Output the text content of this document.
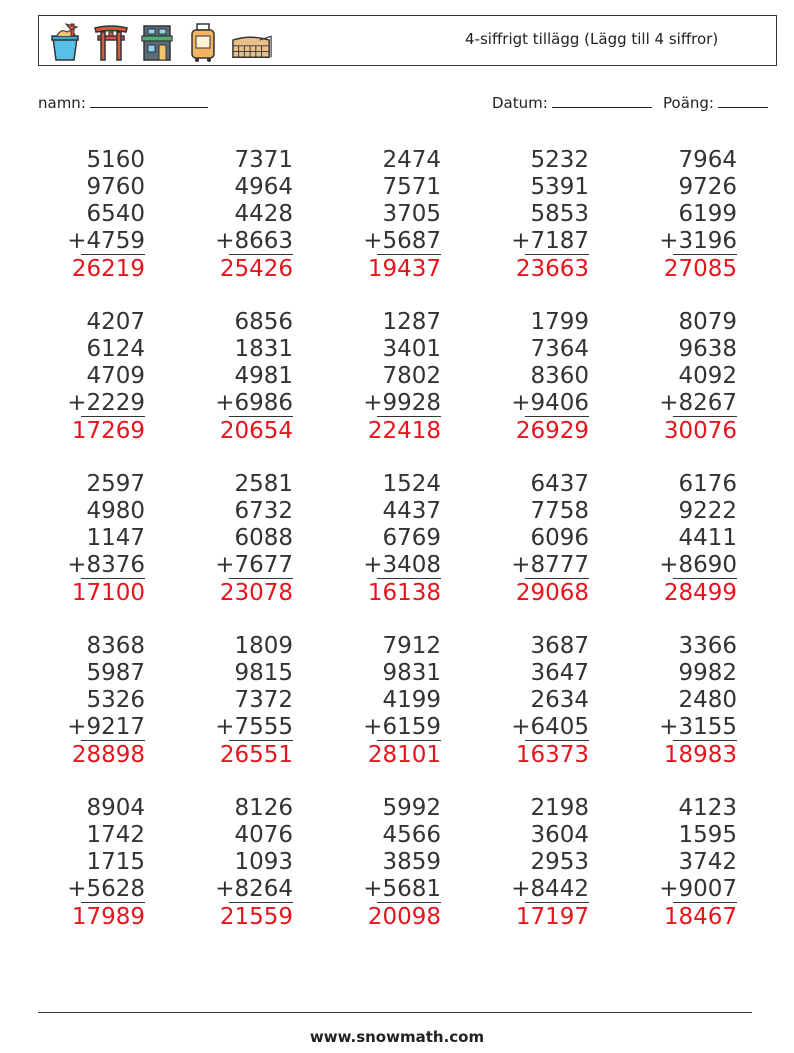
4-siffrigt tillägg (Lägg till 4 siffror)
namn:	Datum:	Poäng:
5160
9760
6540
+4759
26219
7371
4964
4428
+8663
25426
2474
7571
3705
+5687
19437
5232
5391
5853
+7187
23663
7964
9726
6199
+3196
27085
4207
6124
4709
+2229
17269
6856
1831
4981
+6986
20654
1287
3401
7802
+9928
22418
1799
7364
8360
+9406
26929
8079
9638
4092
+8267
30076
2597
4980
1147
+8376
17100
2581
6732
6088
+7677
23078
1524
4437
6769
+3408
16138
6437
7758
6096
+8777
29068
6176
9222
4411
+8690
28499
8368
5987
5326
+9217
28898
1809
9815
7372
+7555
26551
7912
9831
4199
+6159
28101
3687
3647
2634
+6405
16373
3366
9982
2480
+3155
18983
8904
1742
1715
+5628
17989
8126
4076
1093
+8264
21559
5992
4566
3859
+5681
20098
2198
3604
2953
+8442
17197
4123
1595
3742
+9007
18467
www.snowmath.com
